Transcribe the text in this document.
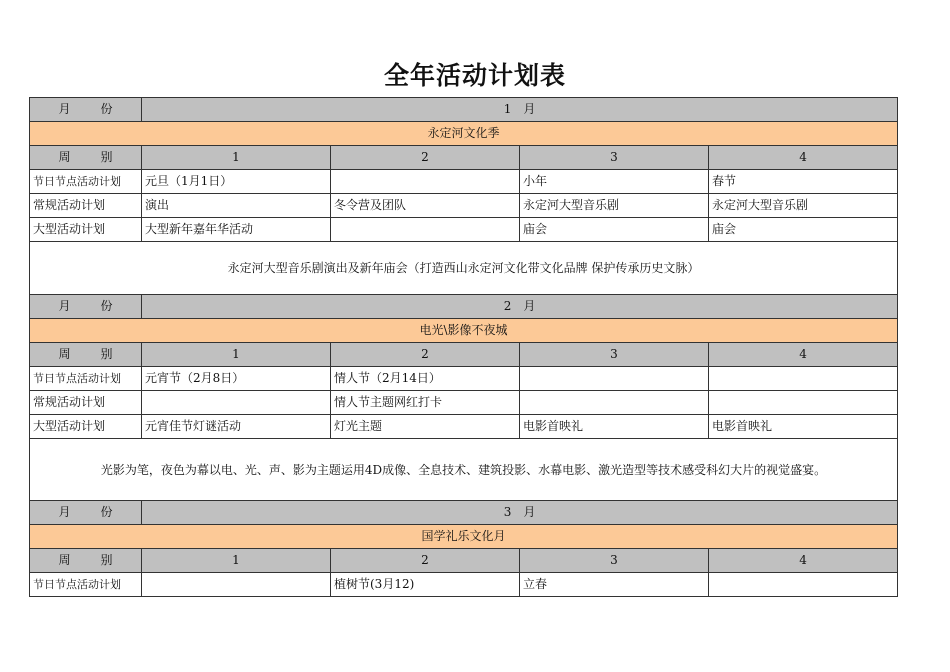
全年活动计划表
月    份	1　月			
永定河文化季				
周    别	1	2	3	4
节日节点活动计划	元旦（1月1日）		小年	春节
常规活动计划	演出	冬令营及团队	永定河大型音乐剧	永定河大型音乐剧
大型活动计划	大型新年嘉年华活动		庙会	庙会
永定河大型音乐剧演出及新年庙会（打造西山永定河文化带文化品牌 保护传承历史文脉）				
月    份	2　月			
电光\影像不夜城				
周    别	1	2	3	4
节日节点活动计划	元宵节（2月8日）	情人节（2月14日）		
常规活动计划		情人节主题网红打卡		
大型活动计划	元宵佳节灯谜活动	灯光主题	电影首映礼	电影首映礼
光影为笔，夜色为幕以电、光、声、影为主题运用4D成像、全息技术、建筑投影、水幕电影、激光造型等技术感受科幻大片的视觉盛宴。				
月    份	3　月			
国学礼乐文化月				
周    别	1	2	3	4
节日节点活动计划		植树节(3月12)	立春	
